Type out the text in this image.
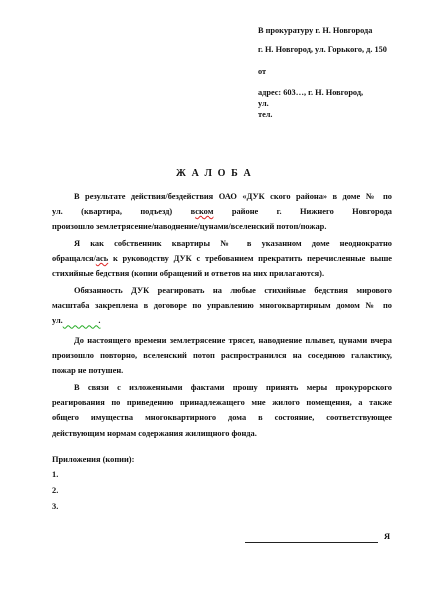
В прокуратуру г. Н. Новгорода
г. Н. Новгород, ул. Горького, д. 150
от
адрес: 603…, г. Н. Новгород,
ул.
тел.
Ж А Л О Б А

В результате действия/бездействия ОАО «ДУК ского района» в доме № по

ул. (квартира, подъезд) вском районе г. Нижнего Новгорода

произошло землетрясение/наводнение/цунами/вселенский потоп/пожар.

Я как собственник квартиры № в указанном доме неоднократно

обращался/ась к руководству ДУК с требованием прекратить перечисленные выше

стихийные бедствия (копии обращений и ответов на них прилагаются).

Обязанность ДУК реагировать на любые стихийные бедствия мирового

масштаба закреплена в договоре по управлению многоквартирным домом № по

ул.                 .

До настоящего времени землетрясение трясет, наводнение плывет, цунами вчера

произошло повторно, вселенский потоп распространился на соседнюю галактику,

пожар не потушен.

В связи с изложенными фактами прошу принять меры прокурорского

реагирования по приведению принадлежащего мне жилого помещения, а также

общего   имущества   многоквартирного   дома   в   состояние,   соответствующее

действующим нормам содержания жилищного фонда.

Приложения (копии):
1.
2.
3.
Я
